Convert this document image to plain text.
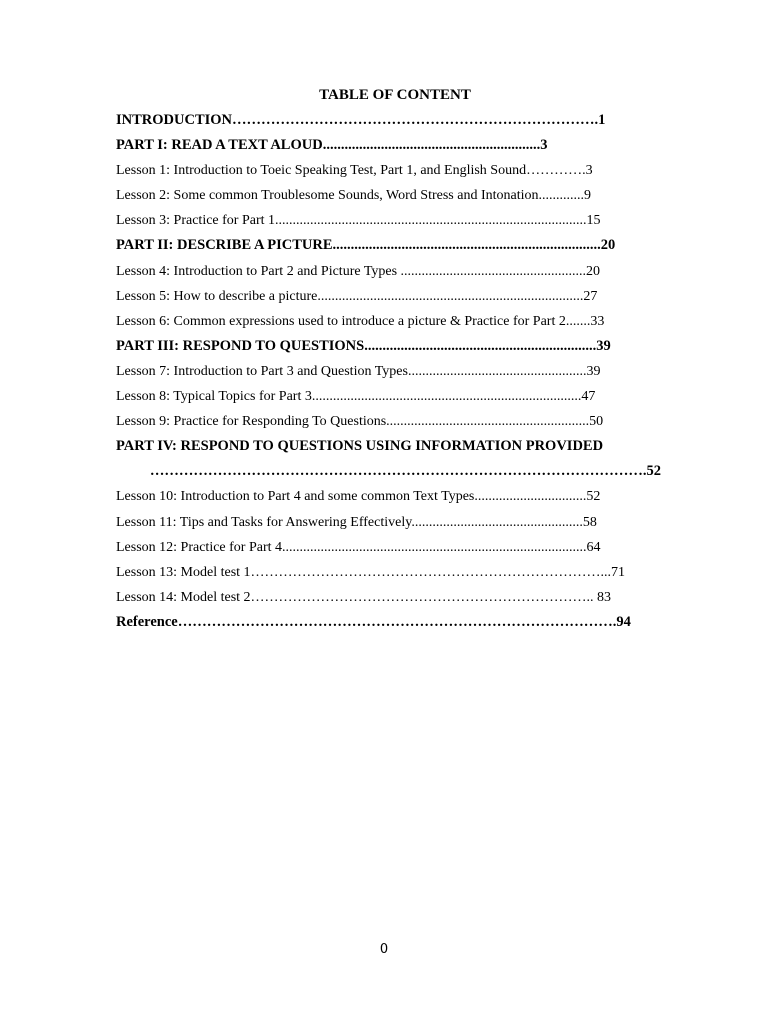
TABLE OF CONTENT
INTRODUCTION………………………………………………………………….1
PART I: READ A TEXT ALOUD............................................................3
Lesson 1: Introduction to Toeic Speaking Test, Part 1, and English Sound………….3
Lesson 2: Some common Troublesome Sounds, Word Stress and Intonation.............9
Lesson 3: Practice for Part 1.........................................................................................15
PART II: DESCRIBE A PICTURE..........................................................................20
Lesson 4: Introduction to Part 2 and Picture Types .....................................................20
Lesson 5: How to describe a picture............................................................................27
Lesson 6: Common expressions used to introduce a picture & Practice for Part 2.......33
PART III: RESPOND TO QUESTIONS................................................................39
Lesson 7: Introduction to Part 3 and Question Types...................................................39
Lesson 8: Typical Topics for Part 3.............................................................................47
Lesson 9: Practice for Responding To Questions..........................................................50
PART IV: RESPOND TO QUESTIONS USING INFORMATION PROVIDED
………………………………………………………………………………………….52
Lesson 10: Introduction to Part 4 and some common Text Types................................52
Lesson 11: Tips and Tasks for Answering Effectively.................................................58
Lesson 12: Practice for Part 4.......................................................................................64
Lesson 13: Model test 1…………………………………………………………………...71
Lesson 14: Model test 2……………………………………………………………….. 83
Reference……………………………………………………………………………….94
0
